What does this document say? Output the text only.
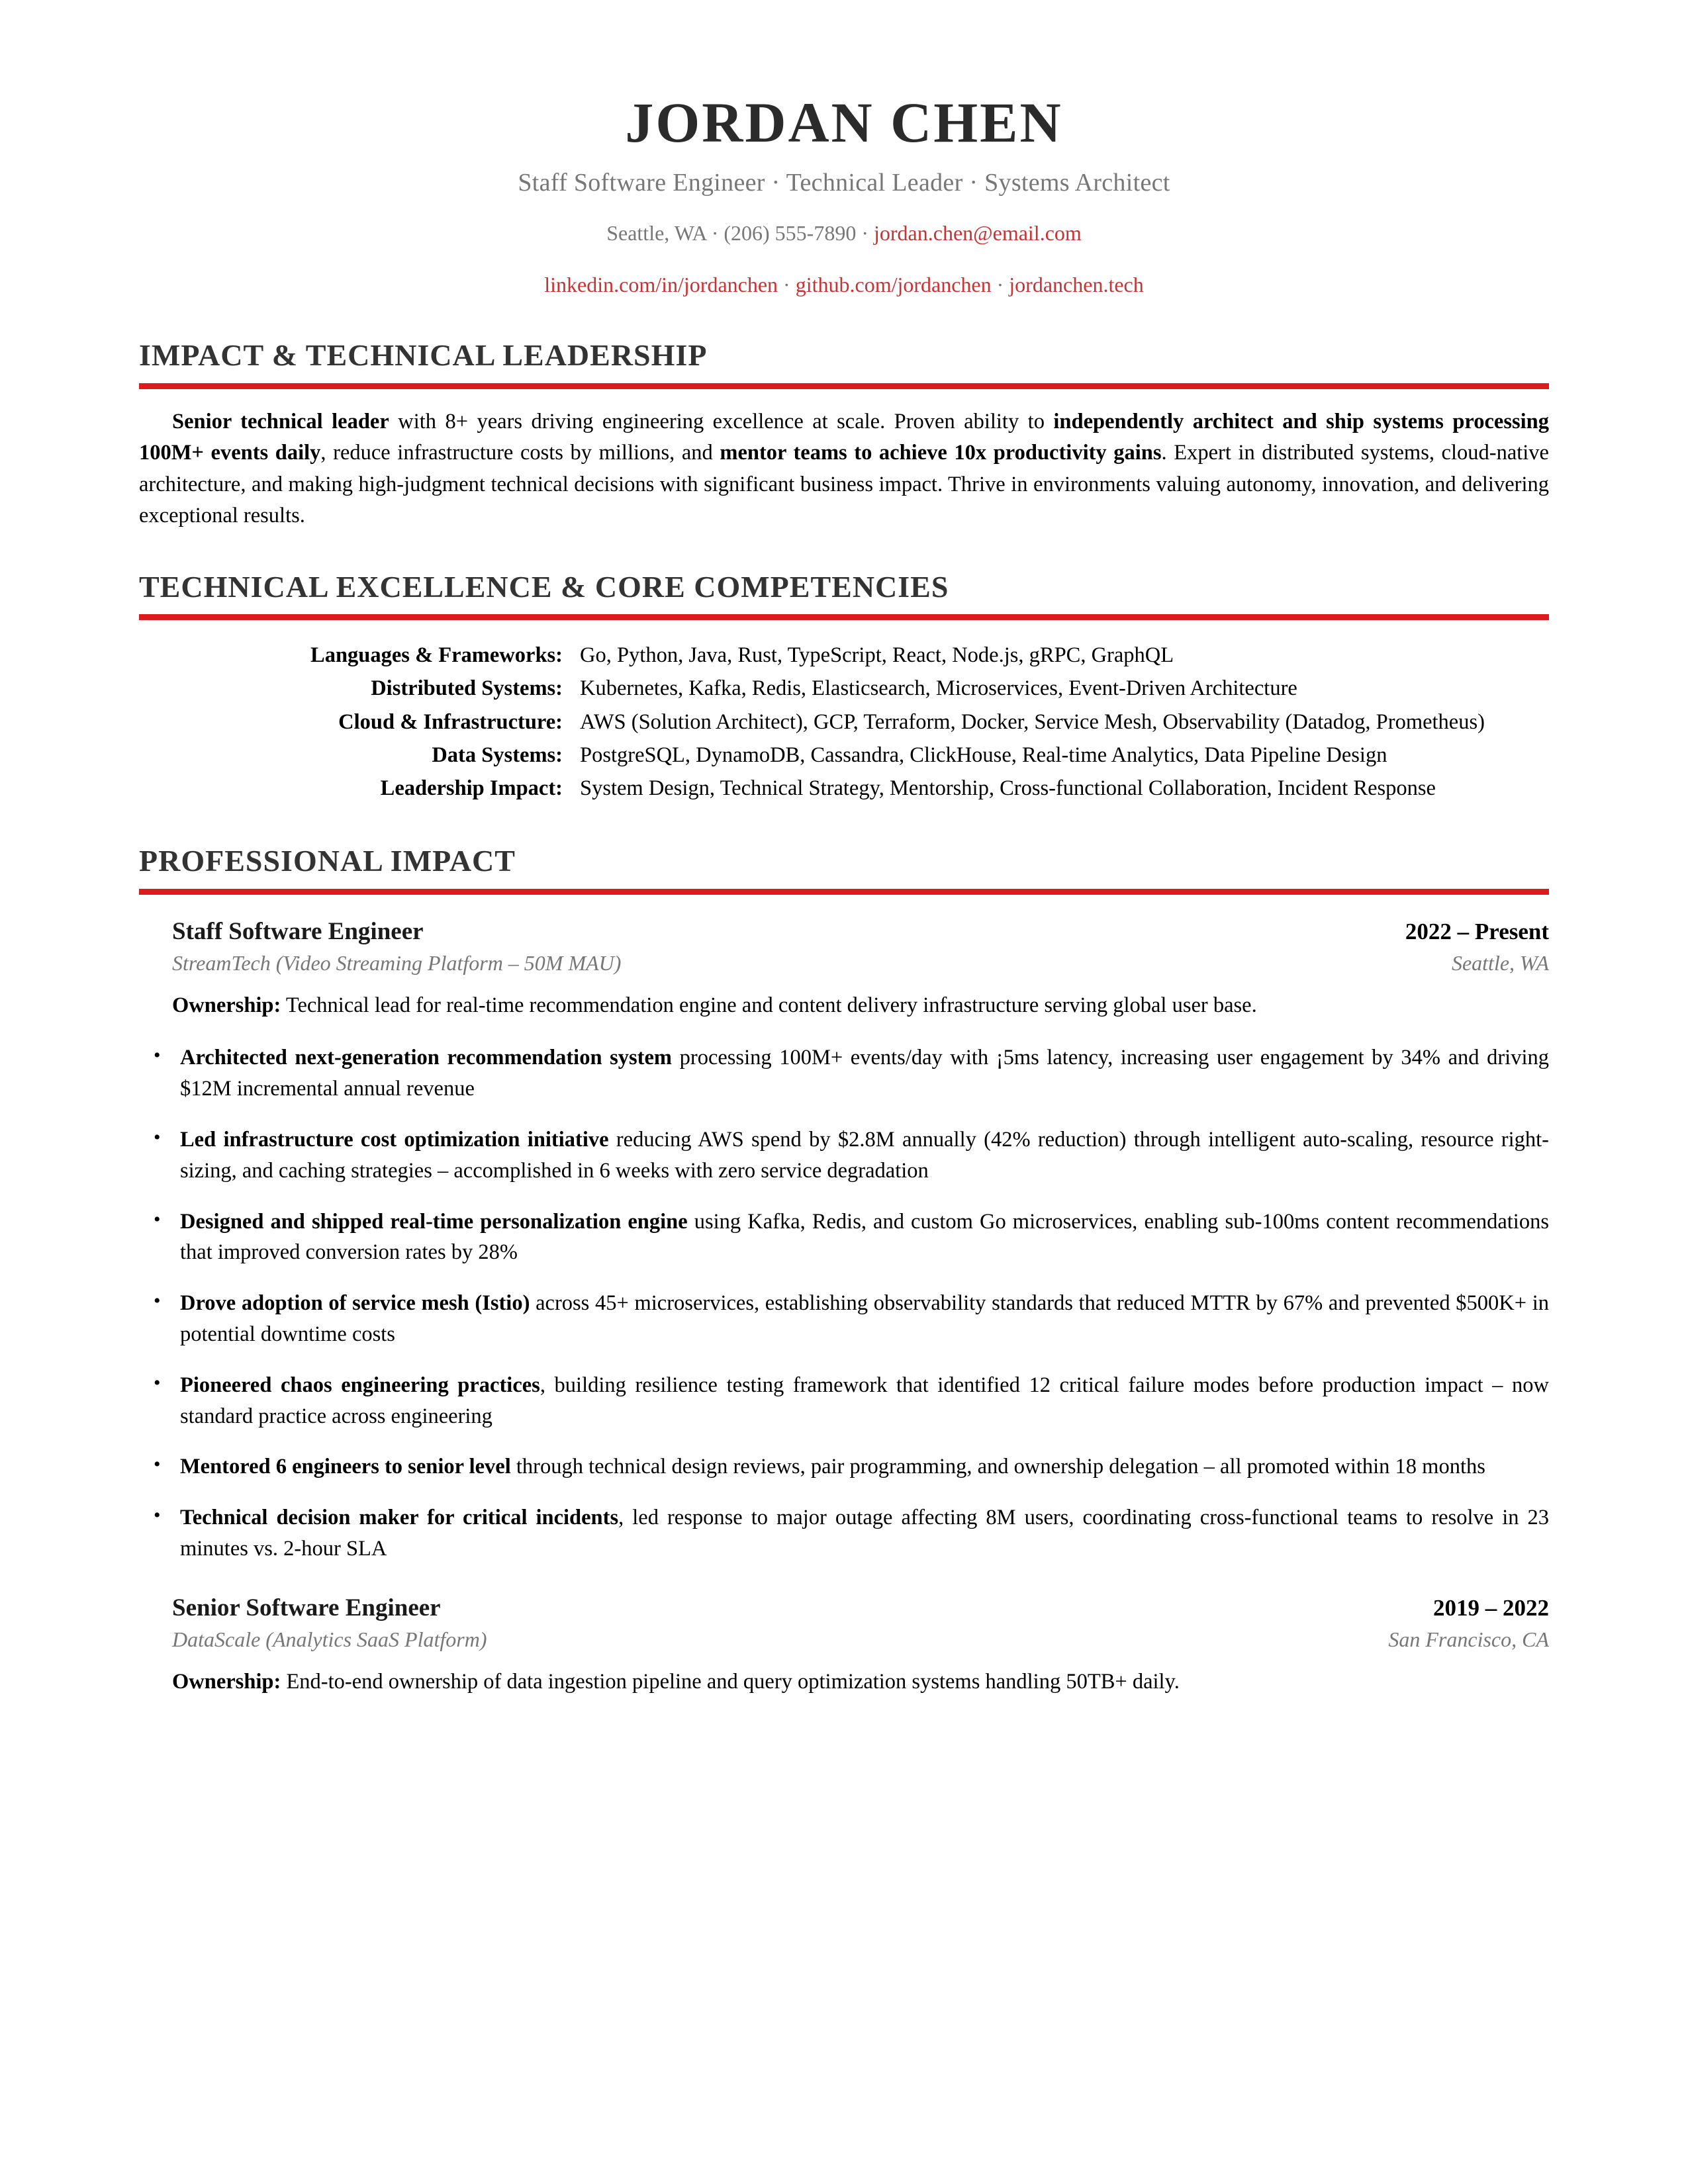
JORDAN CHEN
Staff Software Engineer · Technical Leader · Systems Architect
Seattle, WA · (206) 555-7890 · jordan.chen@email.com
linkedin.com/in/jordanchen · github.com/jordanchen · jordanchen.tech
IMPACT & TECHNICAL LEADERSHIP

Senior technical leader with 8+ years driving engineering excellence at scale. Proven ability to independently architect and ship systems processing 100M+ events daily, reduce infrastructure costs by millions, and mentor teams to achieve 10x productivity gains. Expert in distributed systems, cloud-native architecture, and making high-judgment technical decisions with significant business impact. Thrive in environments valuing autonomy, innovation, and delivering exceptional results.

TECHNICAL EXCELLENCE & CORE COMPETENCIES
Languages & Frameworks:	Go, Python, Java, Rust, TypeScript, React, Node.js, gRPC, GraphQL
Distributed Systems:	Kubernetes, Kafka, Redis, Elasticsearch, Microservices, Event-Driven Architecture
Cloud & Infrastructure:	AWS (Solution Architect), GCP, Terraform, Docker, Service Mesh, Observability (Datadog, Prometheus)
Data Systems:	PostgreSQL, DynamoDB, Cassandra, ClickHouse, Real-time Analytics, Data Pipeline Design
Leadership Impact:	System Design, Technical Strategy, Mentorship, Cross-functional Collaboration, Incident Response
PROFESSIONAL IMPACT
Staff Software Engineer	2022 – Present
StreamTech (Video Streaming Platform – 50M MAU)	Seattle, WA

Ownership: Technical lead for real-time recommendation engine and content delivery infrastructure serving global user base.

• Architected next-generation recommendation system processing 100M+ events/day with ¡5ms latency, increasing user engagement by 34% and driving $12M incremental annual revenue
• Led infrastructure cost optimization initiative reducing AWS spend by $2.8M annually (42% reduction) through intelligent auto-scaling, resource right-sizing, and caching strategies – accomplished in 6 weeks with zero service degradation
• Designed and shipped real-time personalization engine using Kafka, Redis, and custom Go microservices, enabling sub-100ms content recommendations that improved conversion rates by 28%
• Drove adoption of service mesh (Istio) across 45+ microservices, establishing observability standards that reduced MTTR by 67% and prevented $500K+ in potential downtime costs
• Pioneered chaos engineering practices, building resilience testing framework that identified 12 critical failure modes before production impact – now standard practice across engineering
• Mentored 6 engineers to senior level through technical design reviews, pair programming, and ownership delegation – all promoted within 18 months
• Technical decision maker for critical incidents, led response to major outage affecting 8M users, coordinating cross-functional teams to resolve in 23 minutes vs. 2-hour SLA
Senior Software Engineer	2019 – 2022
DataScale (Analytics SaaS Platform)	San Francisco, CA

Ownership: End-to-end ownership of data ingestion pipeline and query optimization systems handling 50TB+ daily.
